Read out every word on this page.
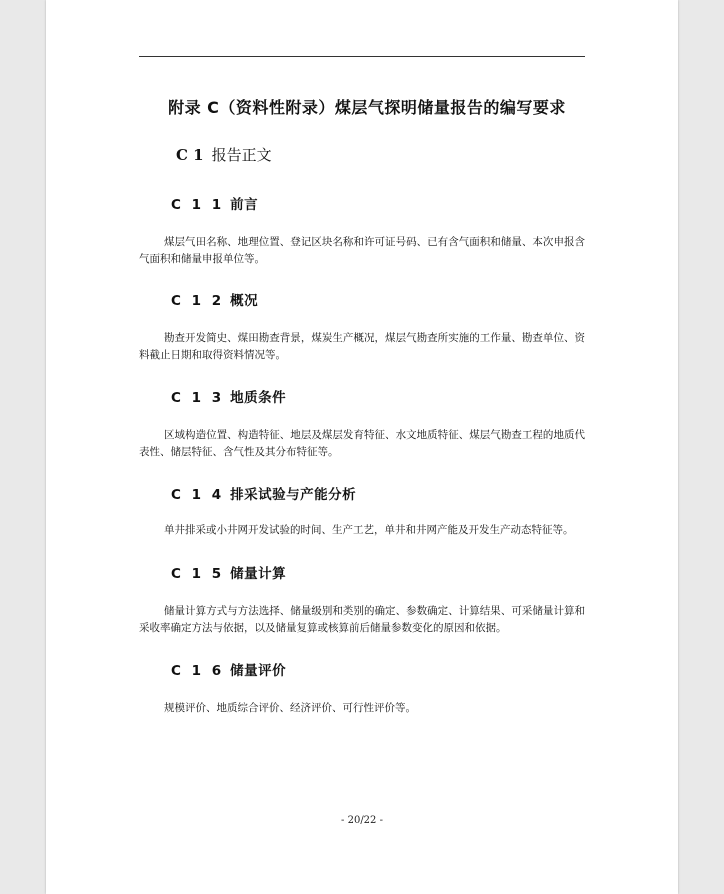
附录 C（资料性附录）煤层气探明储量报告的编写要求
C 1 报告正文
C 1 1 前言

煤层气田名称、地理位置、登记区块名称和许可证号码、已有含气面积和储量、本次申报含气面积和储量申报单位等。

C 1 2 概况

勘查开发简史、煤田勘查背景，煤炭生产概况，煤层气勘查所实施的工作量、勘查单位、资料截止日期和取得资料情况等。

C 1 3 地质条件

区域构造位置、构造特征、地层及煤层发育特征、水文地质特征、煤层气勘查工程的地质代表性、储层特征、含气性及其分布特征等。

C 1 4 排采试验与产能分析

单井排采或小井网开发试验的时间、生产工艺，单井和井网产能及开发生产动态特征等。

C 1 5 储量计算

储量计算方式与方法选择、储量级别和类别的确定、参数确定、计算结果、可采储量计算和采收率确定方法与依据，以及储量复算或核算前后储量参数变化的原因和依据。

C 1 6 储量评价

规模评价、地质综合评价、经济评价、可行性评价等。

- 20/22 -
